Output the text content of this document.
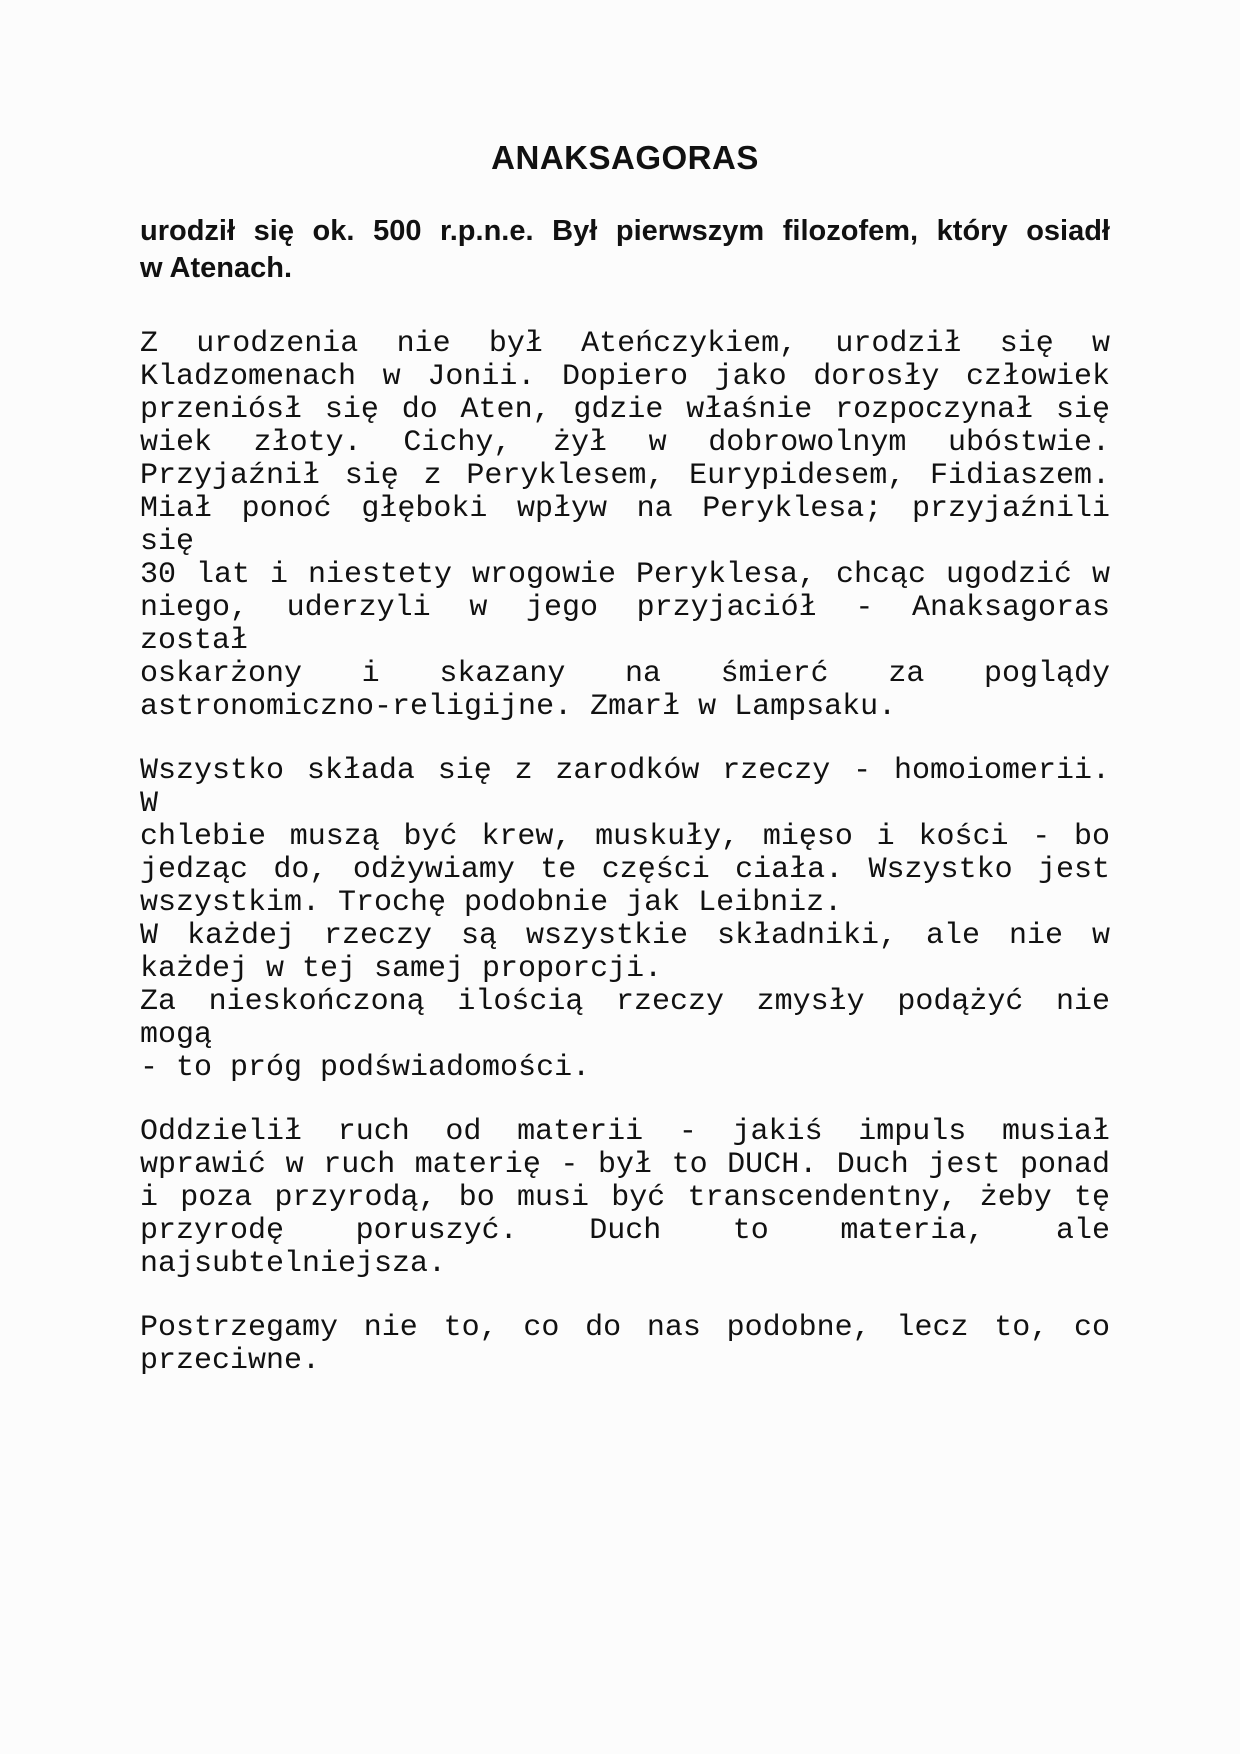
ANAKSAGORAS
urodził się ok. 500 r.p.n.e. Był pierwszym filozofem, który osiadł
w Atenach.
Z urodzenia nie był Ateńczykiem, urodził się w
Kladzomenach w Jonii. Dopiero jako dorosły człowiek
przeniósł się do Aten, gdzie właśnie rozpoczynał się
wiek złoty. Cichy, żył w dobrowolnym ubóstwie.
Przyjaźnił się z Peryklesem, Eurypidesem, Fidiaszem.
Miał ponoć głęboki wpływ na Peryklesa; przyjaźnili się
30 lat i niestety wrogowie Peryklesa, chcąc ugodzić w
niego, uderzyli w jego przyjaciół - Anaksagoras został
oskarżony i skazany na śmierć za poglądy
astronomiczno-religijne. Zmarł w Lampsaku.
Wszystko składa się z zarodków rzeczy - homoiomerii. W
chlebie muszą być krew, muskuły, mięso i kości - bo
jedząc do, odżywiamy te części ciała. Wszystko jest
wszystkim. Trochę podobnie jak Leibniz.
W każdej rzeczy są wszystkie składniki, ale nie w
każdej w tej samej proporcji.
Za nieskończoną ilością rzeczy zmysły podążyć nie mogą
- to próg podświadomości.
Oddzielił ruch od materii - jakiś impuls musiał
wprawić w ruch materię - był to DUCH. Duch jest ponad
i poza przyrodą, bo musi być transcendentny, żeby tę
przyrodę poruszyć. Duch to materia, ale
najsubtelniejsza.
Postrzegamy nie to, co do nas podobne, lecz to, co
przeciwne.
